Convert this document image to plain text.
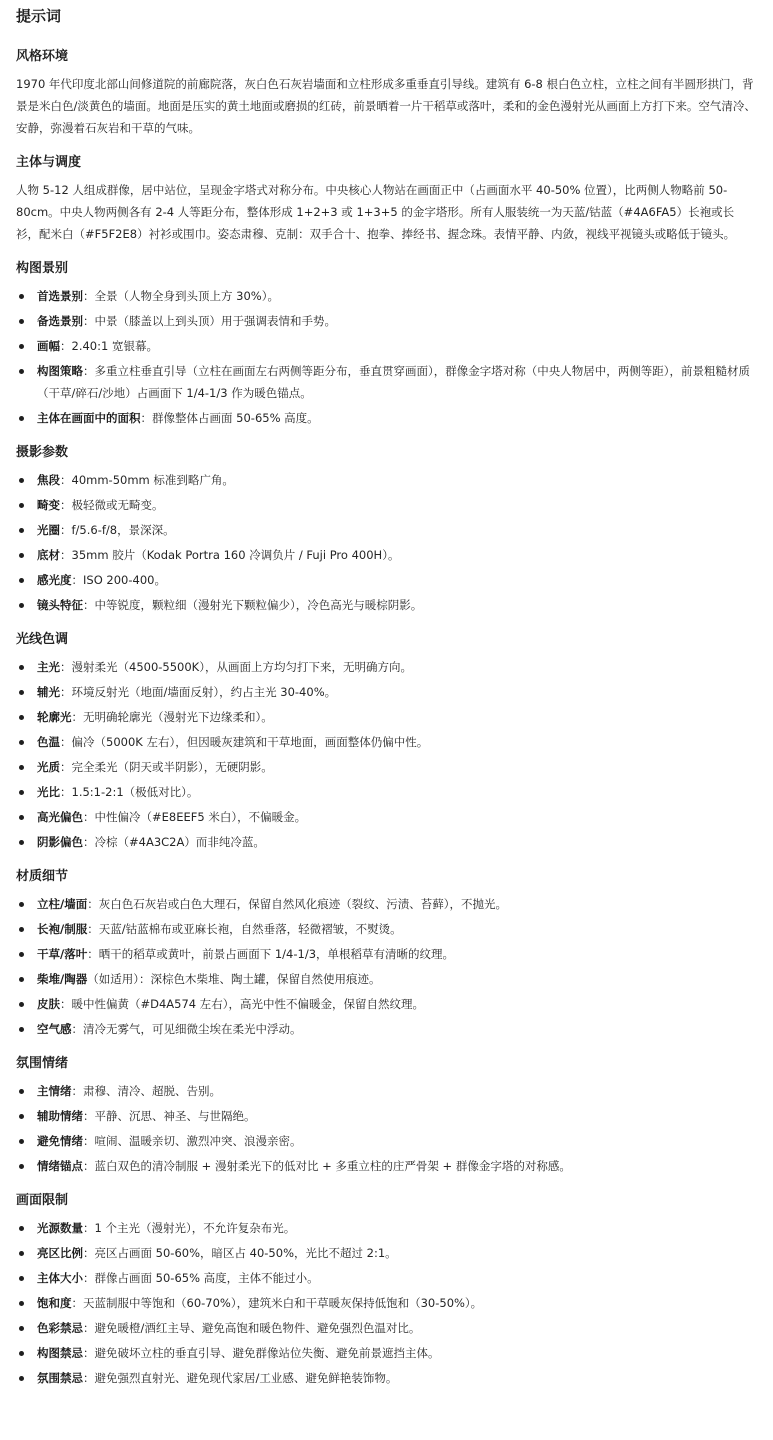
提示词
风格环境

1970 年代印度北部山间修道院的前廊院落，灰白色石灰岩墙面和立柱形成多重垂直引导线。建筑有 6-8 根白色立柱，立柱之间有半圆形拱门，背景是米白色/淡黄色的墙面。地面是压实的黄土地面或磨损的红砖，前景晒着一片干稻草或落叶，柔和的金色漫射光从画面上方打下来。空气清冷、安静，弥漫着石灰岩和干草的气味。

主体与调度

人物 5-12 人组成群像，居中站位，呈现金字塔式对称分布。中央核心人物站在画面正中（占画面水平 40-50% 位置），比两侧人物略前 50-80cm。中央人物两侧各有 2-4 人等距分布，整体形成 1+2+3 或 1+3+5 的金字塔形。所有人服装统一为天蓝/钴蓝（#4A6FA5）长袍或长衫，配米白（#F5F2E8）衬衫或围巾。姿态肃穆、克制：双手合十、抱拳、捧经书、握念珠。表情平静、内敛，视线平视镜头或略低于镜头。

构图景别
首选景别：全景（人物全身到头顶上方 30%）。
备选景别：中景（膝盖以上到头顶）用于强调表情和手势。
画幅：2.40:1 宽银幕。
构图策略：多重立柱垂直引导（立柱在画面左右两侧等距分布，垂直贯穿画面），群像金字塔对称（中央人物居中，两侧等距），前景粗糙材质（干草/碎石/沙地）占画面下 1/4-1/3 作为暖色锚点。
主体在画面中的面积：群像整体占画面 50-65% 高度。
摄影参数
焦段：40mm-50mm 标准到略广角。
畸变：极轻微或无畸变。
光圈：f/5.6-f/8，景深深。
底材：35mm 胶片（Kodak Portra 160 冷调负片 / Fuji Pro 400H）。
感光度：ISO 200-400。
镜头特征：中等锐度，颗粒细（漫射光下颗粒偏少），冷色高光与暖棕阴影。
光线色调
主光：漫射柔光（4500-5500K），从画面上方均匀打下来，无明确方向。
辅光：环境反射光（地面/墙面反射），约占主光 30-40%。
轮廓光：无明确轮廓光（漫射光下边缘柔和）。
色温：偏冷（5000K 左右），但因暖灰建筑和干草地面，画面整体仍偏中性。
光质：完全柔光（阴天或半阴影），无硬阴影。
光比：1.5:1-2:1（极低对比）。
高光偏色：中性偏冷（#E8EEF5 米白），不偏暖金。
阴影偏色：冷棕（#4A3C2A）而非纯冷蓝。
材质细节
立柱/墙面：灰白色石灰岩或白色大理石，保留自然风化痕迹（裂纹、污渍、苔藓），不抛光。
长袍/制服：天蓝/钴蓝棉布或亚麻长袍，自然垂落，轻微褶皱，不熨烫。
干草/落叶：晒干的稻草或黄叶，前景占画面下 1/4-1/3，单根稻草有清晰的纹理。
柴堆/陶器（如适用）：深棕色木柴堆、陶土罐，保留自然使用痕迹。
皮肤：暖中性偏黄（#D4A574 左右），高光中性不偏暖金，保留自然纹理。
空气感：清冷无雾气，可见细微尘埃在柔光中浮动。
氛围情绪
主情绪：肃穆、清冷、超脱、告别。
辅助情绪：平静、沉思、神圣、与世隔绝。
避免情绪：喧闹、温暖亲切、激烈冲突、浪漫亲密。
情绪锚点：蓝白双色的清冷制服 + 漫射柔光下的低对比 + 多重立柱的庄严骨架 + 群像金字塔的对称感。
画面限制
光源数量：1 个主光（漫射光），不允许复杂布光。
亮区比例：亮区占画面 50-60%，暗区占 40-50%，光比不超过 2:1。
主体大小：群像占画面 50-65% 高度，主体不能过小。
饱和度：天蓝制服中等饱和（60-70%），建筑米白和干草暖灰保持低饱和（30-50%）。
色彩禁忌：避免暖橙/酒红主导、避免高饱和暖色物件、避免强烈色温对比。
构图禁忌：避免破坏立柱的垂直引导、避免群像站位失衡、避免前景遮挡主体。
氛围禁忌：避免强烈直射光、避免现代家居/工业感、避免鲜艳装饰物。
